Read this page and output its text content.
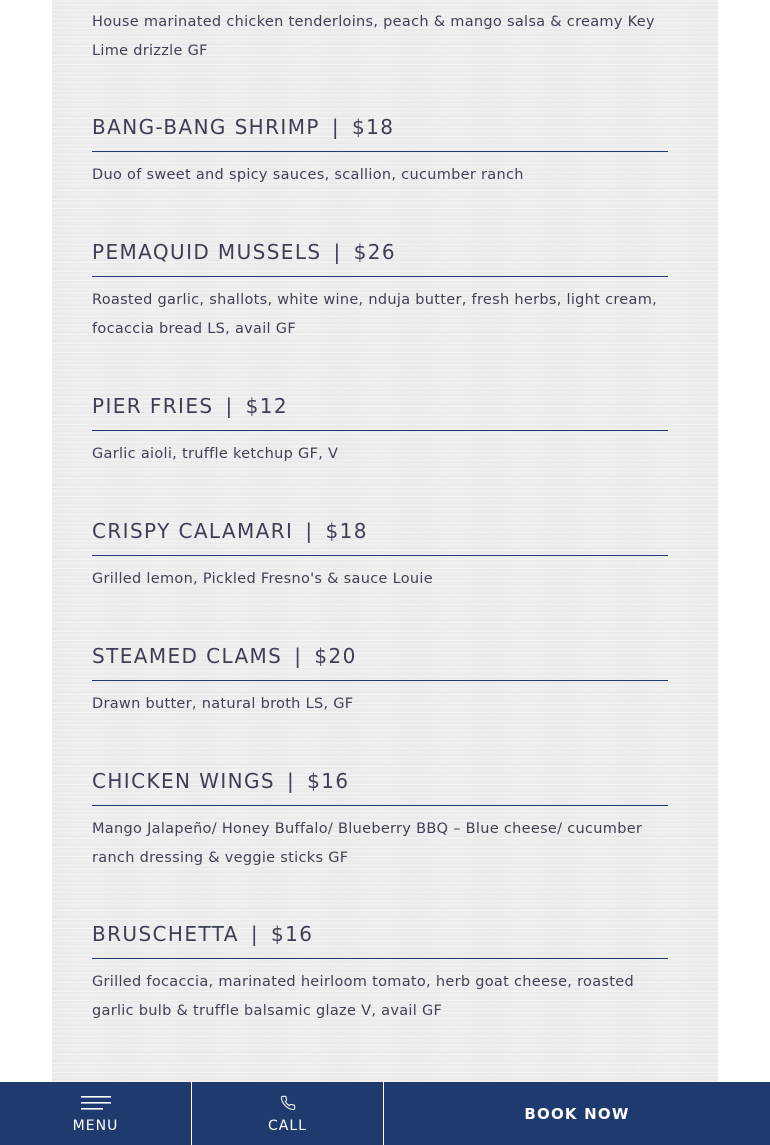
House marinated chicken tenderloins, peach & mango salsa & creamy Key Lime drizzle GF
BANG-BANG SHRIMP | $18
Duo of sweet and spicy sauces, scallion, cucumber ranch
PEMAQUID MUSSELS | $26
Roasted garlic, shallots, white wine, nduja butter, fresh herbs, light cream, focaccia bread LS, avail GF
PIER FRIES | $12
Garlic aioli, truffle ketchup GF, V
CRISPY CALAMARI | $18
Grilled lemon, Pickled Fresno's & sauce Louie
STEAMED CLAMS | $20
Drawn butter, natural broth LS, GF
CHICKEN WINGS | $16
Mango Jalapeño/ Honey Buffalo/ Blueberry BBQ – Blue cheese/ cucumber ranch dressing & veggie sticks GF
BRUSCHETTA | $16
Grilled focaccia, marinated heirloom tomato, herb goat cheese, roasted garlic bulb & truffle balsamic glaze V, avail GF
MENU	CALL
BOOK NOW
